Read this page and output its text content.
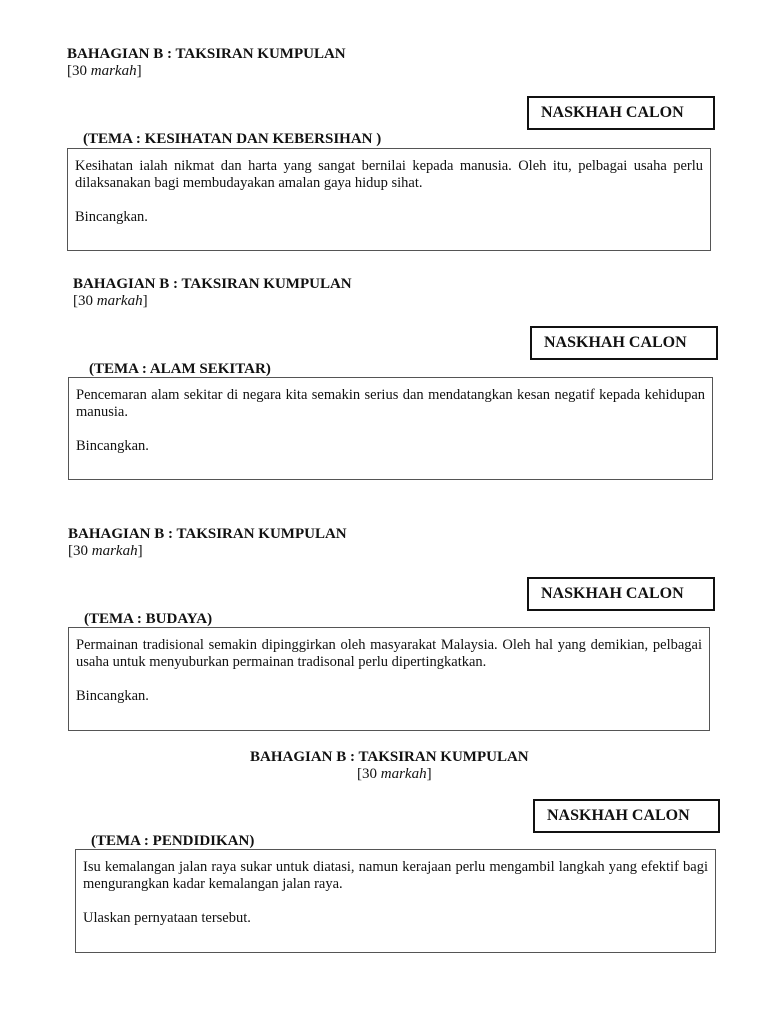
BAHAGIAN B : TAKSIRAN KUMPULAN
[30 markah]
NASKHAH CALON
(TEMA : KESIHATAN DAN KEBERSIHAN )

Kesihatan ialah nikmat dan harta yang sangat bernilai kepada manusia. Oleh itu, pelbagai usaha perlu dilaksanakan bagi membudayakan amalan gaya hidup sihat.

Bincangkan.

BAHAGIAN B : TAKSIRAN KUMPULAN
[30 markah]
NASKHAH CALON
(TEMA : ALAM SEKITAR)

Pencemaran alam sekitar di negara kita semakin serius dan mendatangkan kesan negatif kepada kehidupan manusia.

Bincangkan.

BAHAGIAN B : TAKSIRAN KUMPULAN
[30 markah]
NASKHAH CALON
(TEMA : BUDAYA)

Permainan tradisional semakin dipinggirkan oleh masyarakat Malaysia. Oleh hal yang demikian, pelbagai usaha untuk menyuburkan permainan tradisonal perlu dipertingkatkan.

Bincangkan.

BAHAGIAN B : TAKSIRAN KUMPULAN
[30 markah]
NASKHAH CALON
(TEMA : PENDIDIKAN)

Isu kemalangan jalan raya sukar untuk diatasi, namun kerajaan perlu mengambil langkah yang efektif bagi mengurangkan kadar kemalangan jalan raya.

Ulaskan pernyataan tersebut.
